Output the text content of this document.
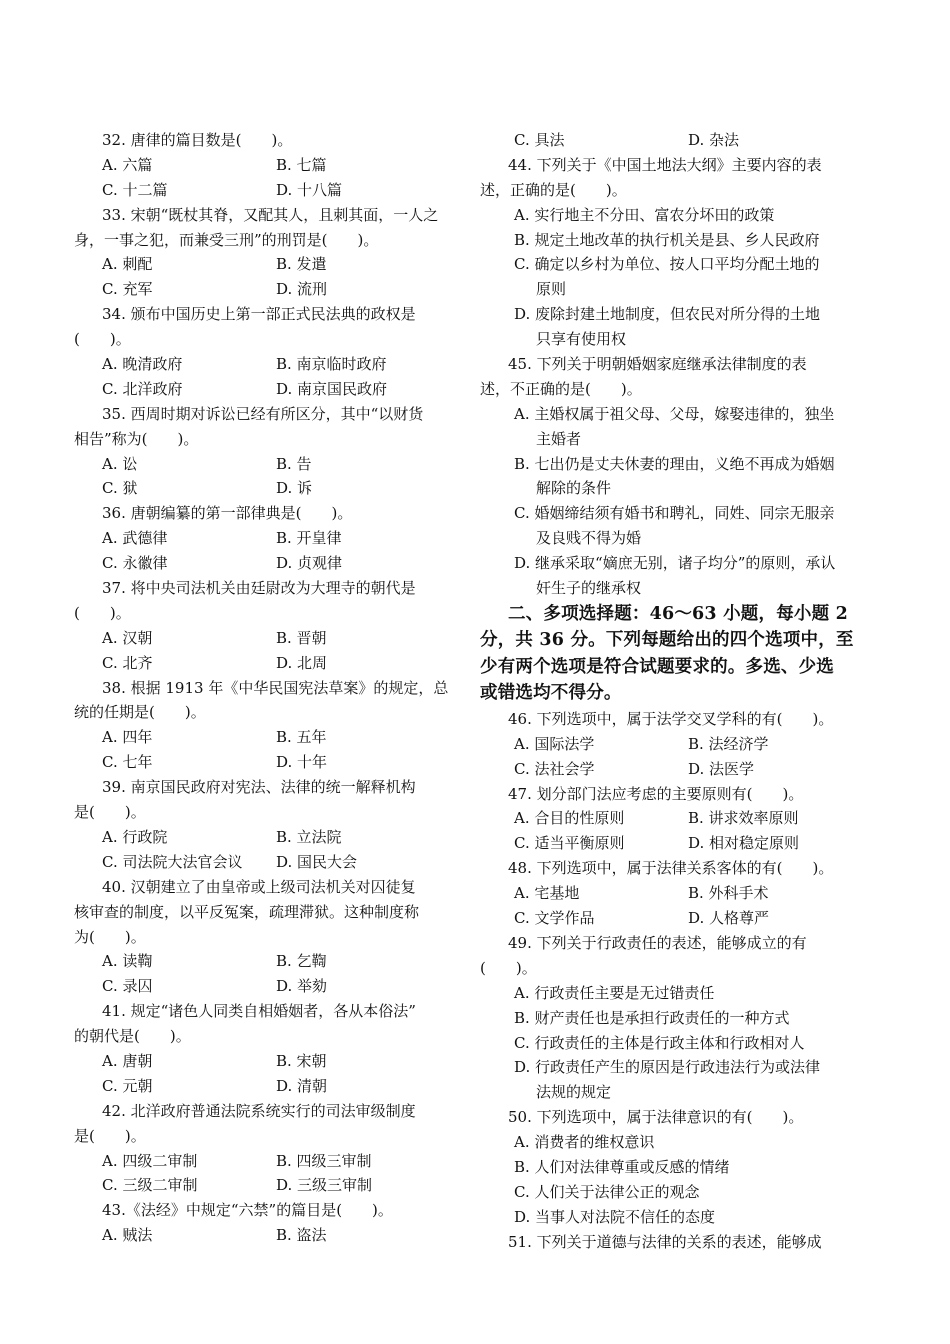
32. 唐律的篇目数是(　　)。
A. 六篇	B. 七篇
C. 十二篇	D. 十八篇
33. 宋朝“既杖其脊，又配其人，且刺其面，一人之
身，一事之犯，而兼受三刑”的刑罚是(　　)。
A. 刺配	B. 发遣
C. 充军	D. 流刑
34. 颁布中国历史上第一部正式民法典的政权是
(　　)。
A. 晚清政府	B. 南京临时政府
C. 北洋政府	D. 南京国民政府
35. 西周时期对诉讼已经有所区分，其中“以财货
相告”称为(　　)。
A. 讼	B. 告
C. 狱	D. 诉
36. 唐朝编纂的第一部律典是(　　)。
A. 武德律	B. 开皇律
C. 永徽律	D. 贞观律
37. 将中央司法机关由廷尉改为大理寺的朝代是
(　　)。
A. 汉朝	B. 晋朝
C. 北齐	D. 北周
38. 根据 1913 年《中华民国宪法草案》的规定，总
统的任期是(　　)。
A. 四年	B. 五年
C. 七年	D. 十年
39. 南京国民政府对宪法、法律的统一解释机构
是(　　)。
A. 行政院	B. 立法院
C. 司法院大法官会议	D. 国民大会
40. 汉朝建立了由皇帝或上级司法机关对囚徒复
核审查的制度，以平反冤案，疏理滞狱。这种制度称
为(　　)。
A. 读鞫	B. 乞鞫
C. 录囚	D. 举劾
41. 规定“诸色人同类自相婚姻者，各从本俗法”
的朝代是(　　)。
A. 唐朝	B. 宋朝
C. 元朝	D. 清朝
42. 北洋政府普通法院系统实行的司法审级制度
是(　　)。
A. 四级二审制	B. 四级三审制
C. 三级二审制	D. 三级三审制
43.《法经》中规定“六禁”的篇目是(　　)。
A. 贼法	B. 盗法
C. 具法	D. 杂法
44. 下列关于《中国土地法大纲》主要内容的表
述，正确的是(　　)。
A. 实行地主不分田、富农分坏田的政策
B. 规定土地改革的执行机关是县、乡人民政府
C. 确定以乡村为单位、按人口平均分配土地的
原则
D. 废除封建土地制度，但农民对所分得的土地
只享有使用权
45. 下列关于明朝婚姻家庭继承法律制度的表
述，不正确的是(　　)。
A. 主婚权属于祖父母、父母，嫁娶违律的，独坐
主婚者
B. 七出仍是丈夫休妻的理由，义绝不再成为婚姻
解除的条件
C. 婚姻缔结须有婚书和聘礼，同姓、同宗无服亲
及良贱不得为婚
D. 继承采取“嫡庶无别，诸子均分”的原则，承认
奸生子的继承权
二、多项选择题：46～63 小题，每小题 2
分，共 36 分。下列每题给出的四个选项中，至
少有两个选项是符合试题要求的。多选、少选
或错选均不得分。
46. 下列选项中，属于法学交叉学科的有(　　)。
A. 国际法学	B. 法经济学
C. 法社会学	D. 法医学
47. 划分部门法应考虑的主要原则有(　　)。
A. 合目的性原则	B. 讲求效率原则
C. 适当平衡原则	D. 相对稳定原则
48. 下列选项中，属于法律关系客体的有(　　)。
A. 宅基地	B. 外科手术
C. 文学作品	D. 人格尊严
49. 下列关于行政责任的表述，能够成立的有
(　　)。
A. 行政责任主要是无过错责任
B. 财产责任也是承担行政责任的一种方式
C. 行政责任的主体是行政主体和行政相对人
D. 行政责任产生的原因是行政违法行为或法律
法规的规定
50. 下列选项中，属于法律意识的有(　　)。
A. 消费者的维权意识
B. 人们对法律尊重或反感的情绪
C. 人们关于法律公正的观念
D. 当事人对法院不信任的态度
51. 下列关于道德与法律的关系的表述，能够成
